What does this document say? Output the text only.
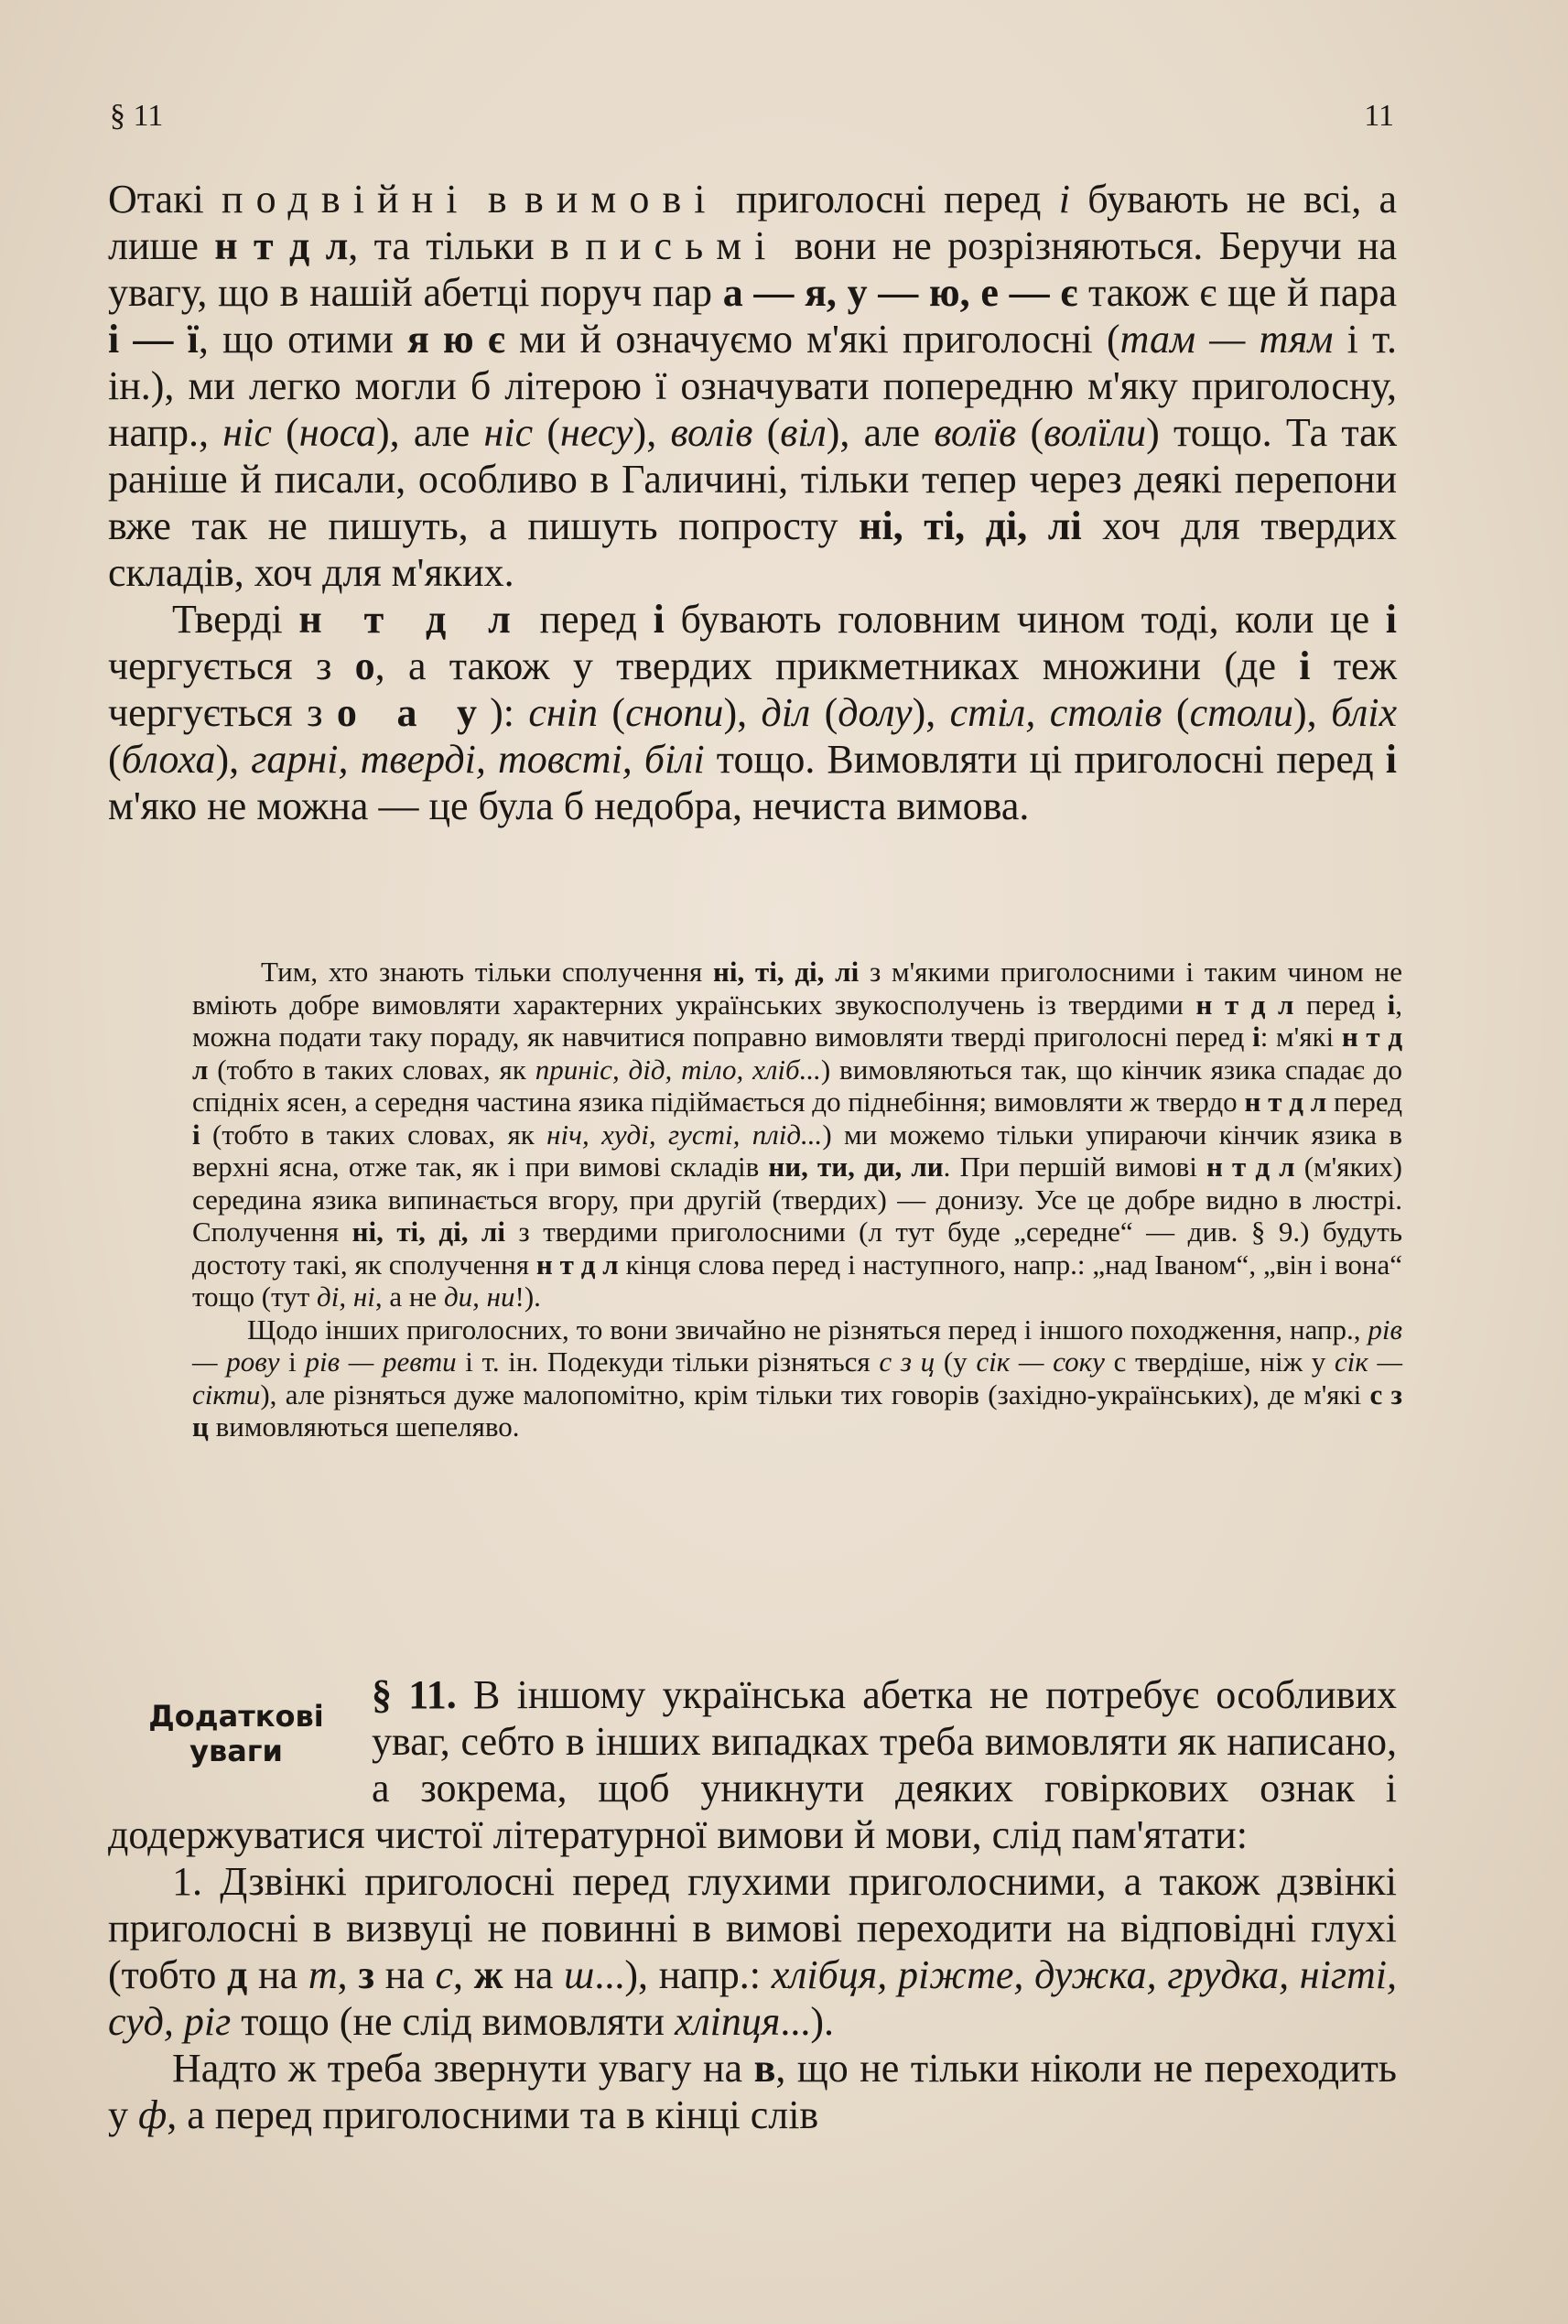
§ 11	11

Отакі подвійні в вимові приголосні перед і бувають не всі, а лише н т д л, та тільки в письмі вони не розрізняються. Беручи на увагу, що в нашій абетці поруч пар а — я, у — ю, е — є також є ще й пара і — ї, що отими я ю є ми й означуємо м'які приголосні (там — тям і т. ін.), ми легко могли б літерою ї означувати попередню м'яку приголосну, напр., ніс (носа), але ніс (несу), волів (віл), але волїв (волїли) тощо. Та так раніше й писали, особливо в Галичині, тільки тепер через деякі перепони вже так не пишуть, а пишуть попросту ні, ті, ді, лі хоч для твердих складів, хоч для м'яких.

Тверді н т д л перед і бувають головним чином тоді, коли це і чергується з о, а також у твердих прикметниках множини (де і теж чергується з о а у): сніп (снопи), діл (долу), стіл, столів (столи), бліх (блоха), гарні, тверді, товсті, білі тощо. Вимовляти ці приголосні перед і м'яко не можна — це була б недобра, нечиста вимова.

Тим, хто знають тільки сполучення ні, ті, ді, лі з м'якими приголосними і таким чином не вміють добре вимовляти характерних українських звукосполучень із твердими н т д л перед і, можна подати таку пораду, як навчитися поправно вимовляти тверді приголосні перед і: м'які н т д л (тобто в таких словах, як приніс, дід, тіло, хліб...) вимовляються так, що кінчик язика спадає до спідніх ясен, а середня частина язика підіймається до піднебіння; вимовляти ж твердо н т д л перед і (тобто в таких словах, як ніч, худі, густі, плід...) ми можемо тільки упираючи кінчик язика в верхні ясна, отже так, як і при вимові складів ни, ти, ди, ли. При першій вимові н т д л (м'яких) середина язика випинається вгору, при другій (твердих) — донизу. Усе це добре видно в люстрі. Сполучення ні, ті, ді, лі з твердими приголосними (л тут буде „середне“ — див. § 9.) будуть достоту такі, як сполучення н т д л кінця слова перед і наступного, напр.: „над Іваном“, „він і вона“ тощо (тут ді, ні, а не ди, ни!).

Щодо інших приголосних, то вони звичайно не різняться перед і іншого походження, напр., рів — рову і рів — ревти і т. ін. Подекуди тільки різняться с з ц (у сік — соку с твердіше, ніж у сік — сікти), але різняться дуже малопомітно, крім тільки тих говорів (західно-українських), де м'які с з ц вимовляються шепеляво.

Додаткові
уваги

§ 11. В іншому українська абетка не потребує особливих уваг, себто в інших випадках треба вимовляти як написано, а зокрема, щоб уникнути деяких говіркових ознак і додержуватися чистої літературної вимови й мови, слід пам'ятати:

1. Дзвінкі приголосні перед глухими приголосними, а також дзвінкі приголосні в визвуці не повинні в вимові переходити на відповідні глухі (тобто д на т, з на с, ж на ш...), напр.: хлібця, ріжте, дужка, грудка, нігті, суд, ріг тощо (не слід вимовляти хліпця...).

Надто ж треба звернути увагу на в, що не тільки ніколи не переходить у ф, а перед приголосними та в кінці слів
